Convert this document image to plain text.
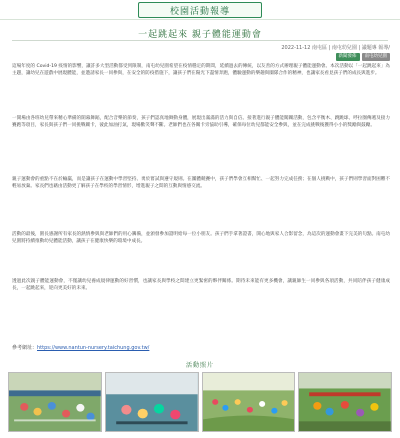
校園活動報導
一起跳起來 親子體能運動會
2022-11-12 南屯區 | 南屯幼兒園 | 議題專 報導/
新聞發佈	南屯幼兒園

這場年度的 Covid-19 疫情的影響，讓許多大型活動都受到限制，南屯幼兒園希望在疫情穩定的期間，延續過去的傳統，以友善的方式辦理親子體能運動會。本次活動以「一起跳起來」為主題，讓幼兒在遊戲中展現體能，並邀請家長一同參與，在安全的防疫措施下，讓孩子們在陽光下盡情奔跑，體驗運動的樂趣與團隊合作的精神，也讓家長看見孩子們的成長與進步。

一開場由各班幼兒帶來精心準備的開幕舞蹈，配合音樂的節奏，孩子們認真地舞動身體，展現出滿滿的活力與自信。接著進行親子體能闖關活動，包含平衡木、跳跳球、呼拉圈傳遞及接力賽跑等項目，家長與孩子們一同挑戰關卡，彼此加油打氣，現場歡笑聲不斷。老師們也在各關卡旁協助引導，確保每位幼兒都能安全參與，並在完成挑戰後獲得小小的獎勵與鼓勵。

親子運動會的重點不在於輸贏，而是讓孩子在運動中學習堅持、勇於嘗試與遵守規則。在團體競賽中，孩子們學會互相幫忙、一起努力完成任務；在個人挑戰中，孩子們則學習面對困難不輕易放棄。家長們也藉由活動更了解孩子在學校的學習情形，增進親子之間的互動與情感交流。

活動的最後，園長感謝所有家長的熱情參與與老師們的用心籌備，並頒發參加證明給每一位小朋友。孩子們手拿著證書，開心地與家人合影留念，為這次的運動會畫下完美的句點。南屯幼兒園將持續推動幼兒體能活動，讓孩子在健康快樂的環境中成長。

透過此次親子體能運動會，不僅讓幼兒養成規律運動的好習慣，也讓家長與學校之間建立更緊密的夥伴關係。期待未來能有更多機會，讓親師生一同參與各項活動，共同陪伴孩子健康成長，一起跳起來，迎向更美好的未來。

參考網址：https://www.nantun-nursery.taichung.gov.tw/
活動照片
